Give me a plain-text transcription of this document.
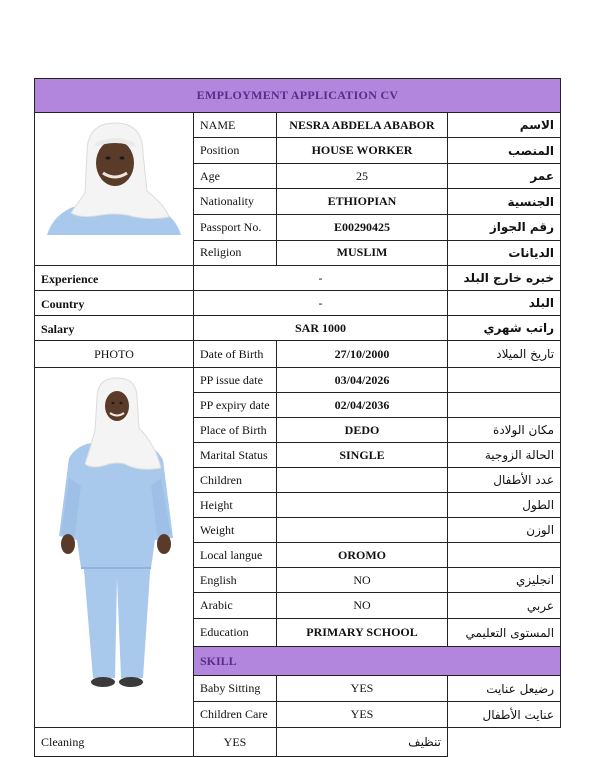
EMPLOYMENT APPLICATION CV			

	NAME	NESRA ABDELA ABABOR	الاسم
	Position	HOUSE WORKER	المنصب
	Age	25	عمر
	Nationality	ETHIOPIAN	الجنسية
	Passport No.	E00290425	رقم الجواز
	Religion	MUSLIM	الديانات
Experience	-		خبره خارج البلد
Country	-		البلد
Salary	SAR 1000		راتب شهري
PHOTO	Date of Birth	27/10/2000	تاريخ الميلاد

	PP issue date	03/04/2026	
	PP expiry date	02/04/2036	
	Place of Birth	DEDO	مكان الولادة
	Marital Status	SINGLE	الحالة الزوجية
	Children		عدد الأطفال
	Height		الطول
	Weight		الوزن
	Local langue	OROMO	
	English	NO	انجليزي
	Arabic	NO	عربي
	Education	PRIMARY SCHOOL	المستوى التعليمي
	SKILL		
	Baby Sitting	YES	رضيعل عنايت
	Children Care	YES	عنايت الأطفال
Cleaning	YES	تنظيف	
